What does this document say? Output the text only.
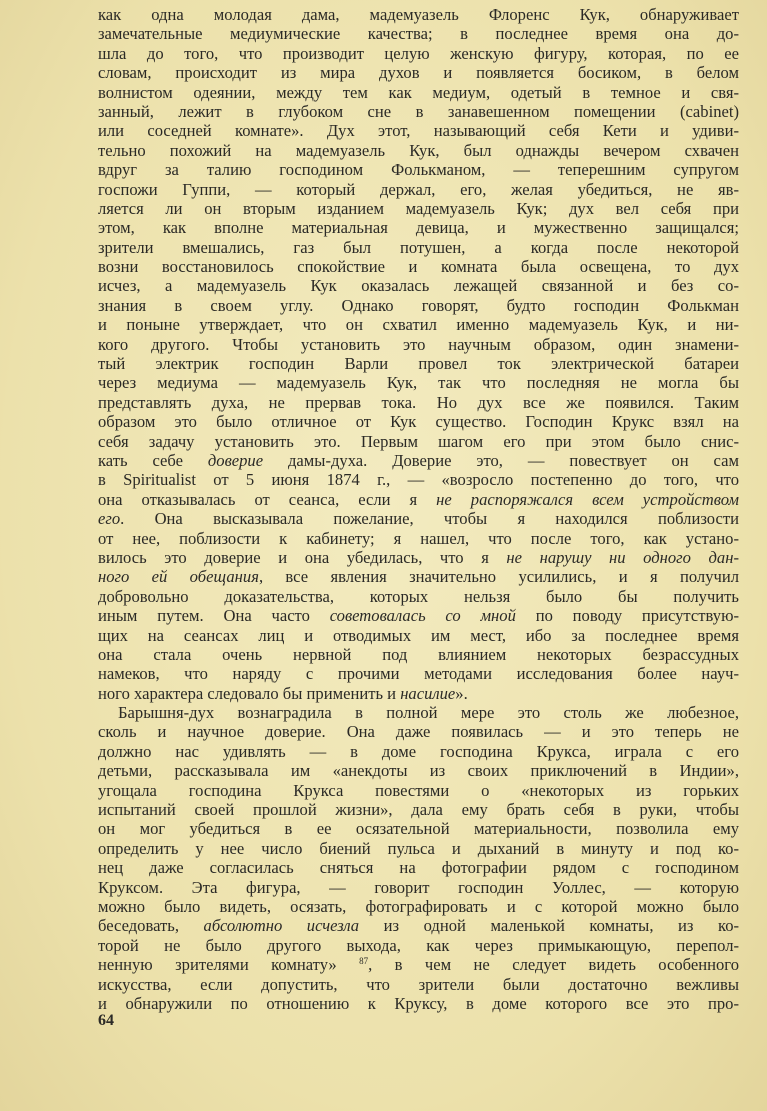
как одна молодая дама, мадемуазель Флоренс Кук, обнаруживает
замечательные медиумические качества; в последнее время она до-
шла до того, что производит целую женскую фигуру, которая, по ее
словам, происходит из мира духов и появляется босиком, в белом
волнистом одеянии, между тем как медиум, одетый в темное и свя-
занный, лежит в глубоком сне в занавешенном помещении (cabinet)
или соседней комнате». Дух этот, называющий себя Кети и удиви-
тельно похожий на мадемуазель Кук, был однажды вечером схвачен
вдруг за талию господином Фолькманом, — теперешним супругом
госпожи Гуппи, — который держал, его, желая убедиться, не яв-
ляется ли он вторым изданием мадемуазель Кук; дух вел себя при
этом, как вполне материальная девица, и мужественно защищался;
зрители вмешались, газ был потушен, а когда после некоторой
возни восстановилось спокойствие и комната была освещена, то дух
исчез, а мадемуазель Кук оказалась лежащей связанной и без со-
знания в своем углу. Однако говорят, будто господин Фолькман
и поныне утверждает, что он схватил именно мадемуазель Кук, и ни-
кого другого. Чтобы установить это научным образом, один знамени-
тый электрик господин Варли провел ток электрической батареи
через медиума — мадемуазель Кук, так что последняя не могла бы
представлять духа, не прервав тока. Но дух все же появился. Таким
образом это было отличное от Кук существо. Господин Крукс взял на
себя задачу установить это. Первым шагом его при этом было снис-
кать себе доверие дамы-духа. Доверие это, — повествует он сам
в Spiritualist от 5 июня 1874 г., — «возросло постепенно до того, что
она отказывалась от сеанса, если я не распоряжался всем устройством
его. Она высказывала пожелание, чтобы я находился поблизости
от нее, поблизости к кабинету; я нашел, что после того, как устано-
вилось это доверие и она убедилась, что я не нарушу ни одного дан-
ного ей обещания, все явления значительно усилились, и я получил
добровольно доказательства, которых нельзя было бы получить
иным путем. Она часто советовалась со мной по поводу присутствую-
щих на сеансах лиц и отводимых им мест, ибо за последнее время
она стала очень нервной под влиянием некоторых безрассудных
намеков, что наряду с прочими методами исследования более науч-
ного характера следовало бы применить и насилие».
Барышня-дух вознаградила в полной мере это столь же любезное,
сколь и научное доверие. Она даже появилась — и это теперь не
должно нас удивлять — в доме господина Крукса, играла с его
детьми, рассказывала им «анекдоты из своих приключений в Индии»,
угощала господина Крукса повестями о «некоторых из горьких
испытаний своей прошлой жизни», дала ему брать себя в руки, чтобы
он мог убедиться в ее осязательной материальности, позволила ему
определить у нее число биений пульса и дыханий в минуту и под ко-
нец даже согласилась сняться на фотографии рядом с господином
Круксом. Эта фигура, — говорит господин Уоллес, — которую
можно было видеть, осязать, фотографировать и с которой можно было
беседовать, абсолютно исчезла из одной маленькой комнаты, из ко-
торой не было другого выхода, как через примыкающую, перепол-
ненную зрителями комнату» $^{87}$, в чем не следует видеть особенного
искусства, если допустить, что зрители были достаточно вежливы
и обнаружили по отношению к Круксу, в доме которого все это про-
64
